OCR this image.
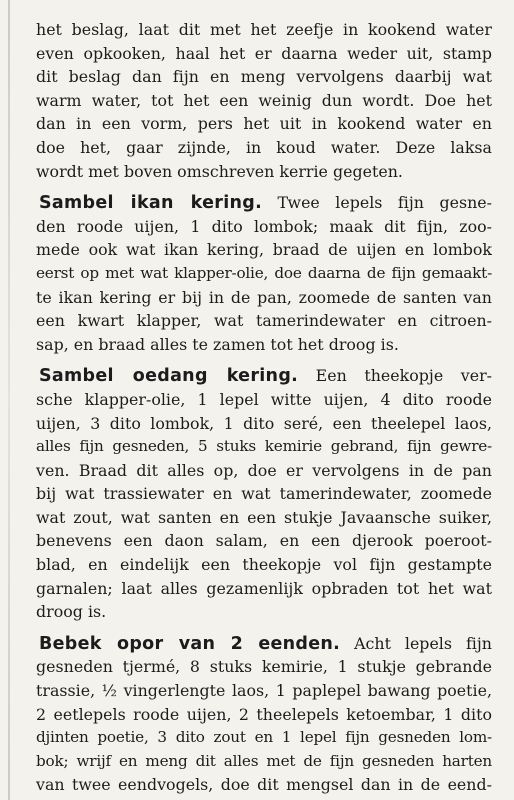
het beslag, laat dit met het zeefje in kookend water
even opkooken, haal het er daarna weder uit, stamp
dit beslag dan fijn en meng vervolgens daarbij wat
warm water, tot het een weinig dun wordt. Doe het
dan in een vorm, pers het uit in kookend water en
doe het, gaar zijnde, in koud water. Deze laksa
wordt met boven omschreven kerrie gegeten.
Sambel ikan kering. Twee lepels fijn gesne-
den roode uijen, 1 dito lombok; maak dit fijn, zoo-
mede ook wat ikan kering, braad de uijen en lombok
eerst op met wat klapper-olie, doe daarna de fijn gemaakt-
te ikan kering er bij in de pan, zoomede de santen van
een kwart klapper, wat tamerindewater en citroen-
sap, en braad alles te zamen tot het droog is.
Sambel oedang kering. Een theekopje ver-
sche klapper-olie, 1 lepel witte uijen, 4 dito roode
uijen, 3 dito lombok, 1 dito seré, een theelepel laos,
alles fijn gesneden, 5 stuks kemirie gebrand, fijn gewre-
ven. Braad dit alles op, doe er vervolgens in de pan
bij wat trassiewater en wat tamerindewater, zoomede
wat zout, wat santen en een stukje Javaansche suiker,
benevens een daon salam, en een djerook poeroot-
blad, en eindelijk een theekopje vol fijn gestampte
garnalen; laat alles gezamenlijk opbraden tot het wat
droog is.
Bebek opor van 2 eenden. Acht lepels fijn
gesneden tjermé, 8 stuks kemirie, 1 stukje gebrande
trassie, ½ vingerlengte laos, 1 paplepel bawang poetie,
2 eetlepels roode uijen, 2 theelepels ketoembar, 1 dito
djinten poetie, 3 dito zout en 1 lepel fijn gesneden lom-
bok; wrijf en meng dit alles met de fijn gesneden harten
van twee eendvogels, doe dit mengsel dan in de eend-
